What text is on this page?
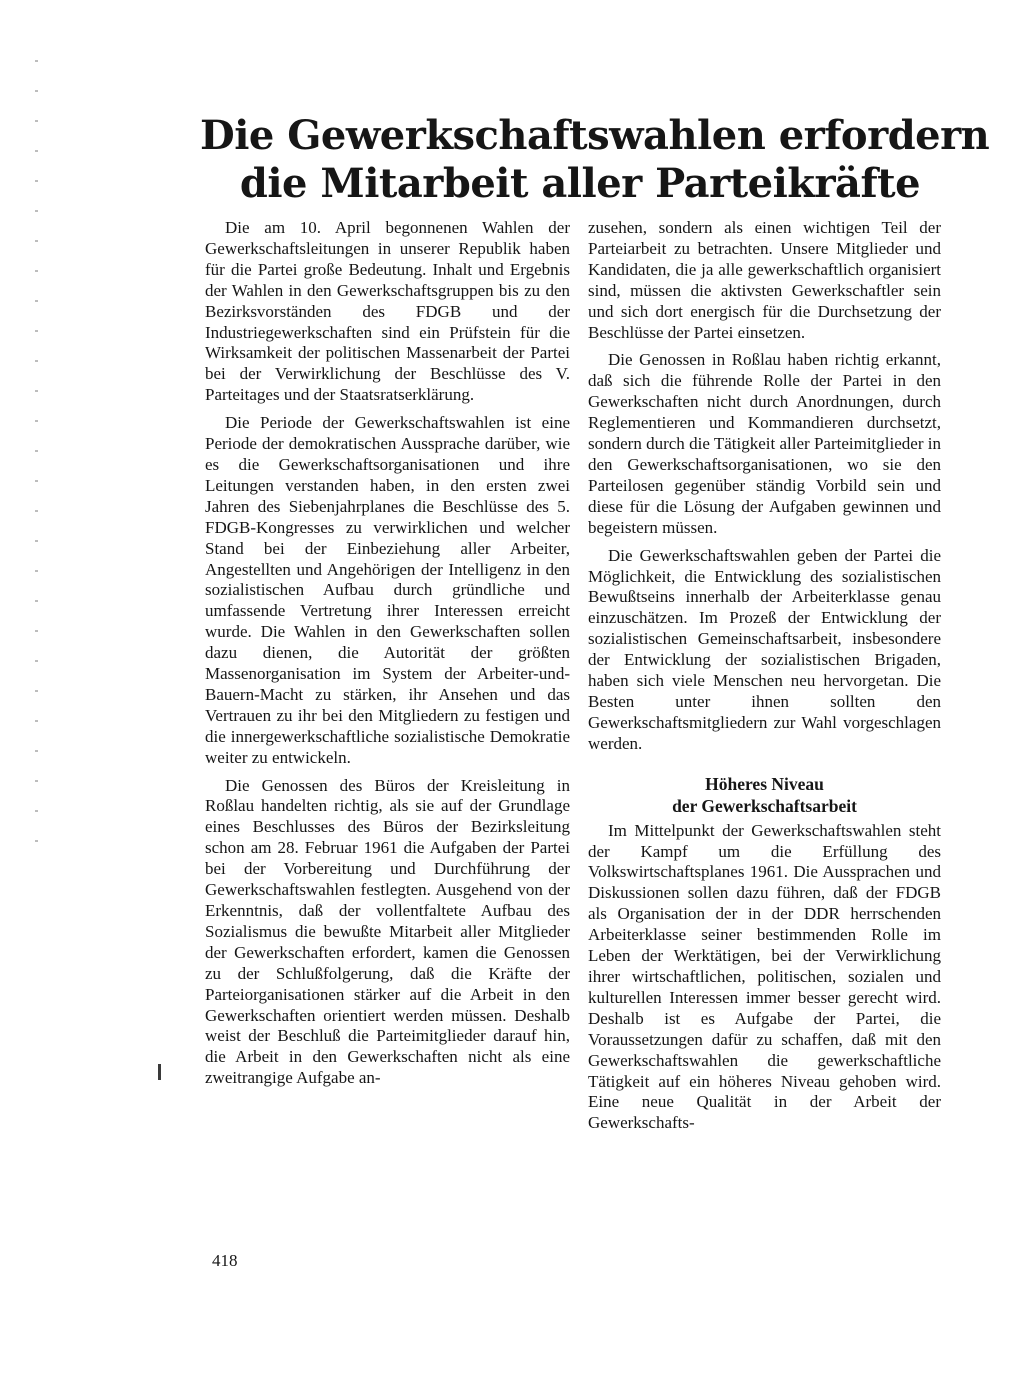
Die Gewerkschaftswahlen erfordern
die Mitarbeit aller Parteikräfte

Die am 10. April begonnenen Wahlen der Gewerkschaftsleitungen in unserer Republik haben für die Partei große Bedeutung. Inhalt und Ergebnis der Wahlen in den Gewerkschaftsgruppen bis zu den Bezirksvorständen des FDGB und der Industriegewerkschaften sind ein Prüfstein für die Wirksamkeit der politischen Massenarbeit der Partei bei der Verwirklichung der Beschlüsse des V. Parteitages und der Staatsratserklärung.

Die Periode der Gewerkschaftswahlen ist eine Periode der demokratischen Aussprache darüber, wie es die Gewerkschaftsorganisationen und ihre Leitungen verstanden haben, in den ersten zwei Jahren des Siebenjahrplanes die Beschlüsse des 5. FDGB-Kongresses zu verwirklichen und welcher Stand bei der Einbeziehung aller Arbeiter, Angestellten und Angehörigen der Intelligenz in den sozialistischen Aufbau durch gründliche und umfassende Vertretung ihrer Interessen erreicht wurde. Die Wahlen in den Gewerkschaften sollen dazu dienen, die Autorität der größten Massenorganisation im System der Arbeiter-und-Bauern-Macht zu stärken, ihr Ansehen und das Vertrauen zu ihr bei den Mitgliedern zu festigen und die innergewerkschaftliche sozialistische Demokratie weiter zu entwickeln.

Die Genossen des Büros der Kreisleitung in Roßlau handelten richtig, als sie auf der Grundlage eines Beschlusses des Büros der Bezirksleitung schon am 28. Februar 1961 die Aufgaben der Partei bei der Vorbereitung und Durchführung der Gewerkschaftswahlen festlegten. Ausgehend von der Erkenntnis, daß der vollentfaltete Aufbau des Sozialismus die bewußte Mitarbeit aller Mitglieder der Gewerkschaften erfordert, kamen die Genossen zu der Schlußfolgerung, daß die Kräfte der Parteiorganisationen stärker auf die Arbeit in den Gewerkschaften orientiert werden müssen. Deshalb weist der Beschluß die Parteimitglieder darauf hin, die Arbeit in den Gewerkschaften nicht als eine zweitrangige Aufgabe an-

zusehen, sondern als einen wichtigen Teil der Parteiarbeit zu betrachten. Unsere Mitglieder und Kandidaten, die ja alle gewerkschaftlich organisiert sind, müssen die aktivsten Gewerkschaftler sein und sich dort energisch für die Durchsetzung der Beschlüsse der Partei einsetzen.

Die Genossen in Roßlau haben richtig erkannt, daß sich die führende Rolle der Partei in den Gewerkschaften nicht durch Anordnungen, durch Reglementieren und Kommandieren durchsetzt, sondern durch die Tätigkeit aller Parteimitglieder in den Gewerkschaftsorganisationen, wo sie den Parteilosen gegenüber ständig Vorbild sein und diese für die Lösung der Aufgaben gewinnen und begeistern müssen.

Die Gewerkschaftswahlen geben der Partei die Möglichkeit, die Entwicklung des sozialistischen Bewußtseins innerhalb der Arbeiterklasse genau einzuschätzen. Im Prozeß der Entwicklung der sozialistischen Gemeinschaftsarbeit, insbesondere der Entwicklung der sozialistischen Brigaden, haben sich viele Menschen neu hervorgetan. Die Besten unter ihnen sollten den Gewerkschaftsmitgliedern zur Wahl vorgeschlagen werden.

Höheres Niveau
der Gewerkschaftsarbeit

Im Mittelpunkt der Gewerkschaftswahlen steht der Kampf um die Erfüllung des Volkswirtschaftsplanes 1961. Die Aussprachen und Diskussionen sollen dazu führen, daß der FDGB als Organisation der in der DDR herrschenden Arbeiterklasse seiner bestimmenden Rolle im Leben der Werktätigen, bei der Verwirklichung ihrer wirtschaftlichen, politischen, sozialen und kulturellen Interessen immer besser gerecht wird. Deshalb ist es Aufgabe der Partei, die Voraussetzungen dafür zu schaffen, daß mit den Gewerkschaftswahlen die gewerkschaftliche Tätigkeit auf ein höheres Niveau gehoben wird. Eine neue Qualität in der Arbeit der Gewerkschafts-

418
